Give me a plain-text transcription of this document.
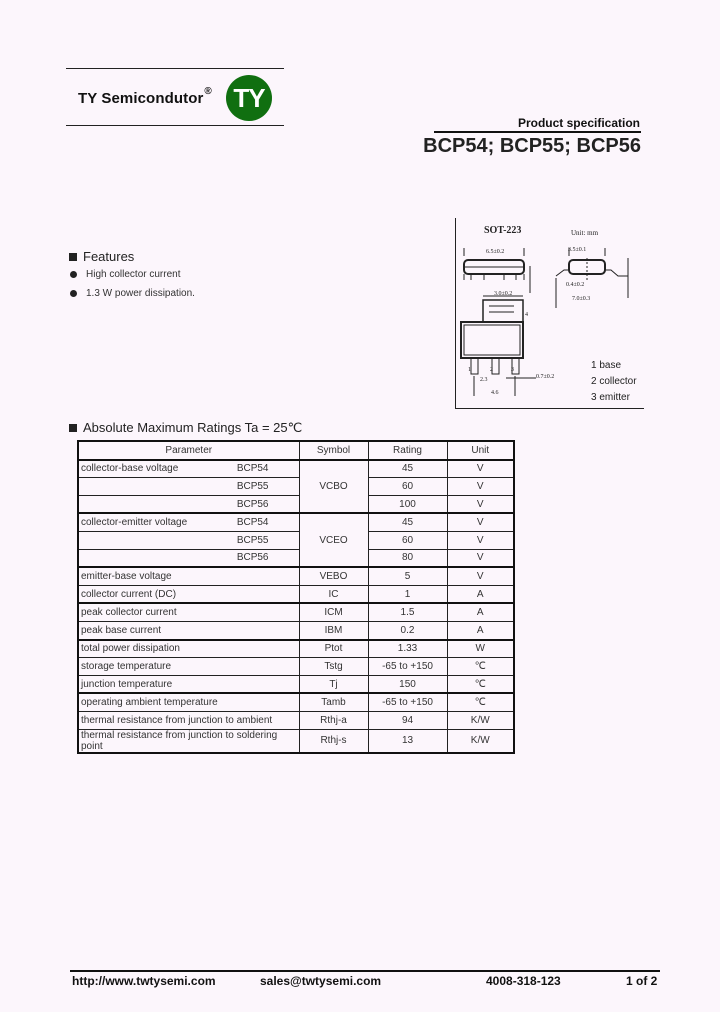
TY Semicondutor® TY
Product specification
BCP54; BCP55; BCP56
Features
High collector current
1.3 W power dissipation.
SOT-223	Unit: mm
6.5±0.2	3.5±0.1
3.0±0.2
0.4±0.2
7.0±0.3
0.7±0.2
2.3
4.6
1	2	3
4
1 base
2 collector
3 emitter
Absolute Maximum Ratings Ta = 25℃
Parameter	Symbol	Rating	Unit

collector-base voltage BCP54	VCBO	45	V

BCP55		60	V

BCP56		100	V

collector-emitter voltage BCP54	VCEO	45	V

BCP55		60	V

BCP56		80	V
emitter-base voltage	VEBO	5	V
collector current (DC)	IC	1	A
peak collector current	ICM	1.5	A
peak base current	IBM	0.2	A
total power dissipation	Ptot	1.33	W
storage temperature	Tstg	-65 to +150	℃
junction temperature	Tj	150	℃
operating ambient temperature	Tamb	-65 to +150	℃
thermal resistance from junction to ambient	Rthj-a	94	K/W
thermal resistance from junction to soldering point	Rthj-s	13	K/W
http://www.twtysemi.com	sales@twtysemi.com	4008-318-123	1 of 2
